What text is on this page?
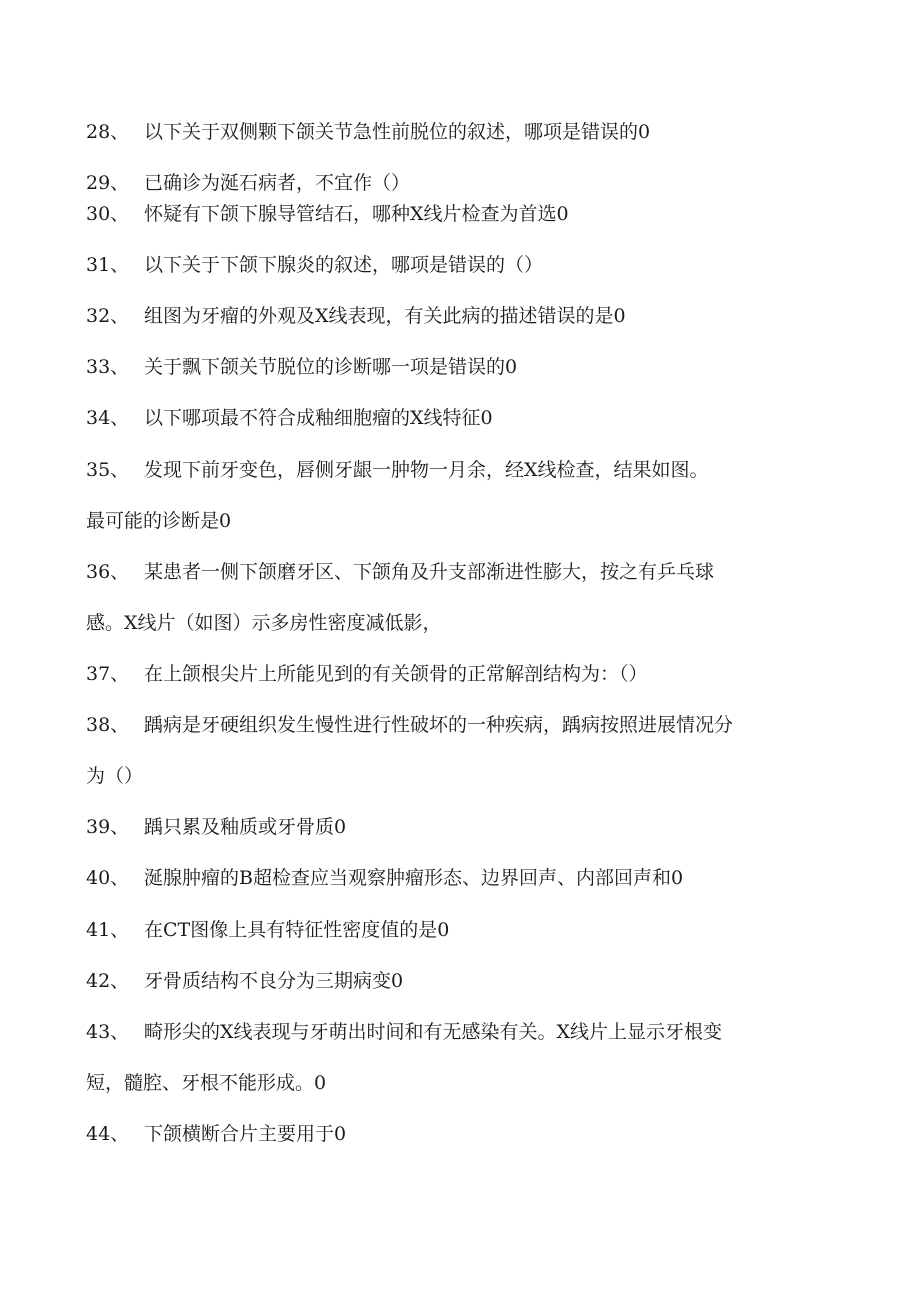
28、 以下关于双侧颗下颌关节急性前脱位的叙述，哪项是错误的0
29、 已确诊为涎石病者，不宜作（）
30、 怀疑有下颌下腺导管结石，哪种X线片检查为首选0
31、 以下关于下颌下腺炎的叙述，哪项是错误的（）
32、 组图为牙瘤的外观及X线表现，有关此病的描述错误的是0
33、 关于飘下颌关节脱位的诊断哪一项是错误的0
34、 以下哪项最不符合成釉细胞瘤的X线特征0
35、 发现下前牙变色，唇侧牙龈一肿物一月余，经X线检查，结果如图。
最可能的诊断是0
36、 某患者一侧下颌磨牙区、下颌角及升支部渐进性膨大，按之有乒乓球
感。X线片（如图）示多房性密度减低影，
37、 在上颌根尖片上所能见到的有关颌骨的正常解剖结构为：（）
38、 踽病是牙硬组织发生慢性进行性破坏的一种疾病，踽病按照进展情况分
为（）
39、 踽只累及釉质或牙骨质0
40、 涎腺肿瘤的B超检查应当观察肿瘤形态、边界回声、内部回声和0
41、 在CT图像上具有特征性密度值的是0
42、 牙骨质结构不良分为三期病变0
43、 畸形尖的X线表现与牙萌出时间和有无感染有关。X线片上显示牙根变
短，髓腔、牙根不能形成。0
44、 下颌横断合片主要用于0
